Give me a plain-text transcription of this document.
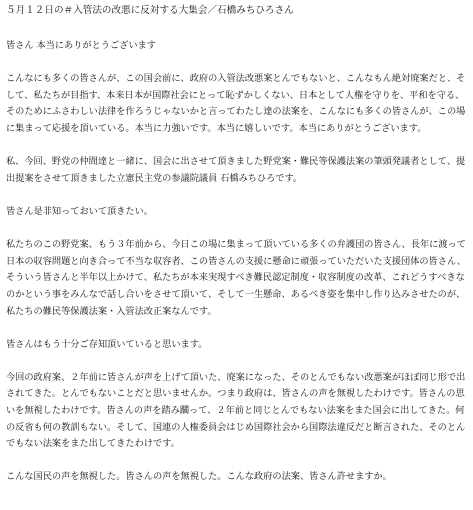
５月１２日の＃入管法の改悪に反対する大集会／石橋みちひろさん
皆さん 本当にありがとうございます
こんなにも多くの皆さんが、この国会前に、政府の入管法改悪案とんでもないと、こんなもん絶対廃案だと、そして、私たちが目指す、本来日本が国際社会にとって恥ずかしくない、日本として人権を守りを、平和を守る、そのためにふさわしい法律を作ろうじゃないかと言ってわたし達の法案を、こんなにも多くの皆さんが、この場に集まって応援を頂いている。本当に力強いです。本当に嬉しいです。本当にありがとうございます。
私、今回、野党の仲間達と一緒に、国会に出させて頂きました野党案・難民等保護法案の筆頭発議者として、提出提案をさせて頂きました立憲民主党の参議院議員 石橋みちひろです。
皆さん是非知っておいて頂きたい。
私たちのこの野党案、もう３年前から、今日この場に集まって頂いている多くの弁護団の皆さん、長年に渡って日本の収容問題と向き合って不当な収容者、この皆さんの支援に懸命に頑張っていただいた支援団体の皆さん、そういう皆さんと半年以上かけて、私たちが本来実現すべき難民認定制度・収容制度の改革、これどうすべきなのかという事をみんなで話し合いをさせて頂いて、そして一生懸命、あるべき姿を集中し作り込みさせたのが、私たちの難民等保護法案・入管法改正案なんです。
皆さんはもう十分ご存知頂いていると思います。
今回の政府案、２年前に皆さんが声を上げて頂いた、廃案になった、そのとんでもない改悪案がほぼ同じ形で出されてきた。とんでもないことだと思いませんか。つまり政府は、皆さんの声を無視したわけです。皆さんの思いを無視したわけです。皆さんの声を踏み躙って、２年前と同じとんでもない法案をまた国会に出してきた。何の反省も何の教訓もない。そして、国連の人権委員会はじめ国際社会から国際法違反だと断言された、そのとんでもない法案をまた出してきたわけです。
こんな国民の声を無視した。皆さんの声を無視した。こんな政府の法案、皆さん許せますか。
